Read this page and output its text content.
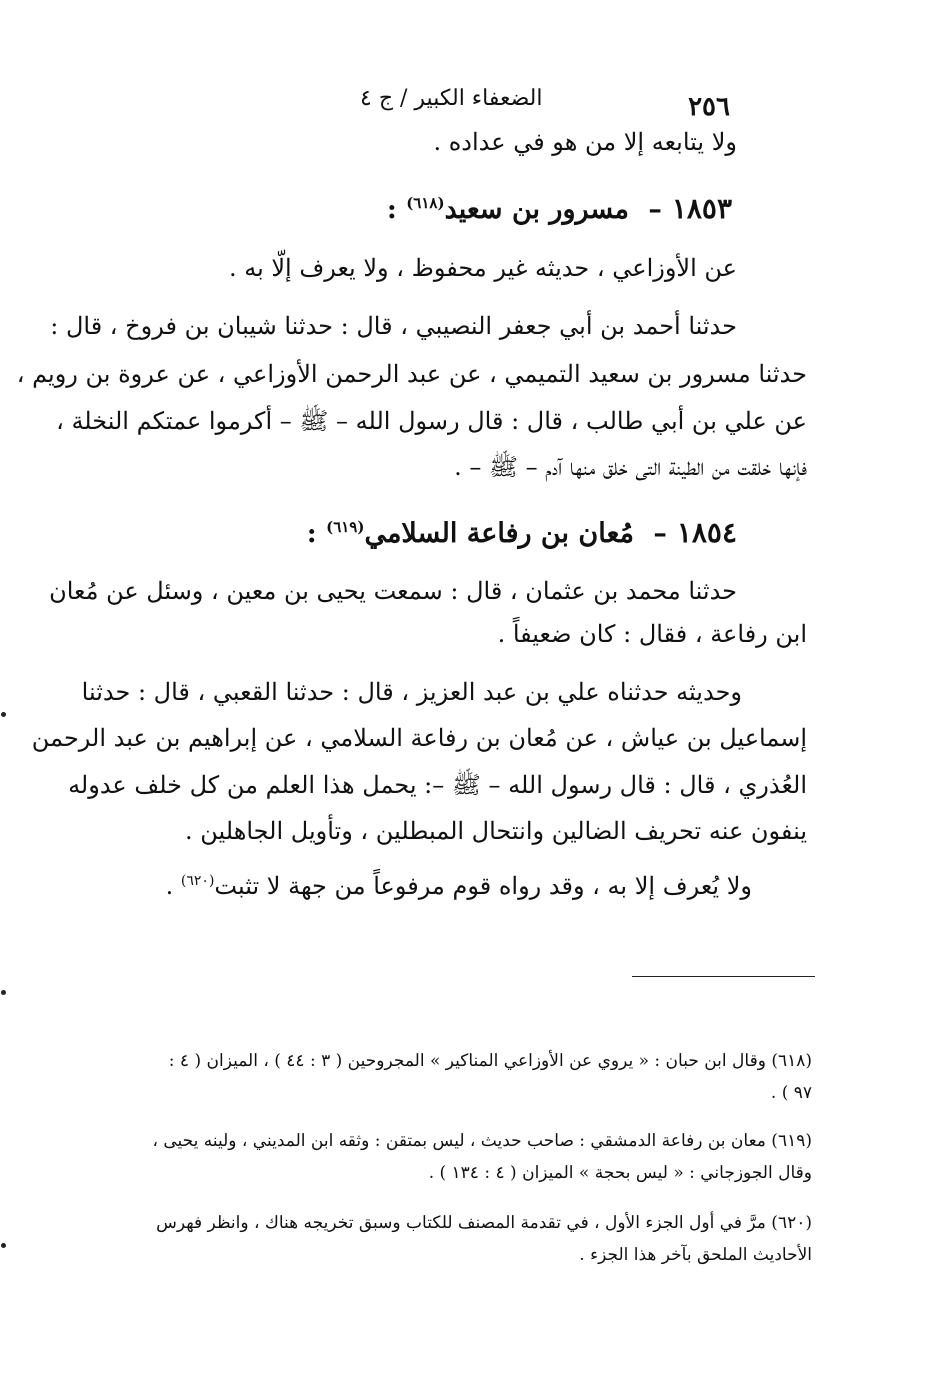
٢٥٦
الضعفاء الكبير / ج ٤
ولا يتابعه إلا من هو في عداده .
١٨٥٣– مسرور بن سعيد$^{(٦١٨)}$ :
عن الأوزاعي ، حديثه غير محفوظ ، ولا يعرف إلّا به .
حدثنا أحمد بن أبي جعفر النصيبي ، قال : حدثنا شيبان بن فروخ ، قال :
حدثنا مسرور بن سعيد التميمي ، عن عبد الرحمن الأوزاعي ، عن عروة بن رويم ،
عن علي بن أبي طالب ، قال : قال رسول الله – ﷺ – أكرموا عمتكم النخلة ،
فإنها خلقت من الطينة التى خلق منها آدم – ﷺ – .
١٨٥٤– مُعان بن رفاعة السلامي$^{(٦١٩)}$ :
حدثنا محمد بن عثمان ، قال : سمعت يحيى بن معين ، وسئل عن مُعان
ابن رفاعة ، فقال : كان ضعيفاً .
وحديثه حدثناه علي بن عبد العزيز ، قال : حدثنا القعبي ، قال : حدثنا
إسماعيل بن عياش ، عن مُعان بن رفاعة السلامي ، عن إبراهيم بن عبد الرحمن
العُذري ، قال : قال رسول الله – ﷺ –: يحمل هذا العلم من كل خلف عدوله
ينفون عنه تحريف الضالين وانتحال المبطلين ، وتأويل الجاهلين .
ولا يُعرف إلا به ، وقد رواه قوم مرفوعاً من جهة لا تثبت$^{(٦٢٠)}$ .
(٦١٨) وقال ابن حبان : « يروي عن الأوزاعي المناكير » المجروحين ( ٣ : ٤٤ ) ، الميزان ( ٤ :
٩٧ ) .
(٦١٩) معان بن رفاعة الدمشقي : صاحب حديث ، ليس بمتقن : وثقه ابن المديني ، ولينه يحيى ،
وقال الجوزجاني : « ليس بحجة » الميزان ( ٤ : ١٣٤ ) .
(٦٢٠) مرَّ في أول الجزء الأول ، في تقدمة المصنف للكتاب وسبق تخريجه هناك ، وانظر فهرس
الأحاديث الملحق بآخر هذا الجزء .
